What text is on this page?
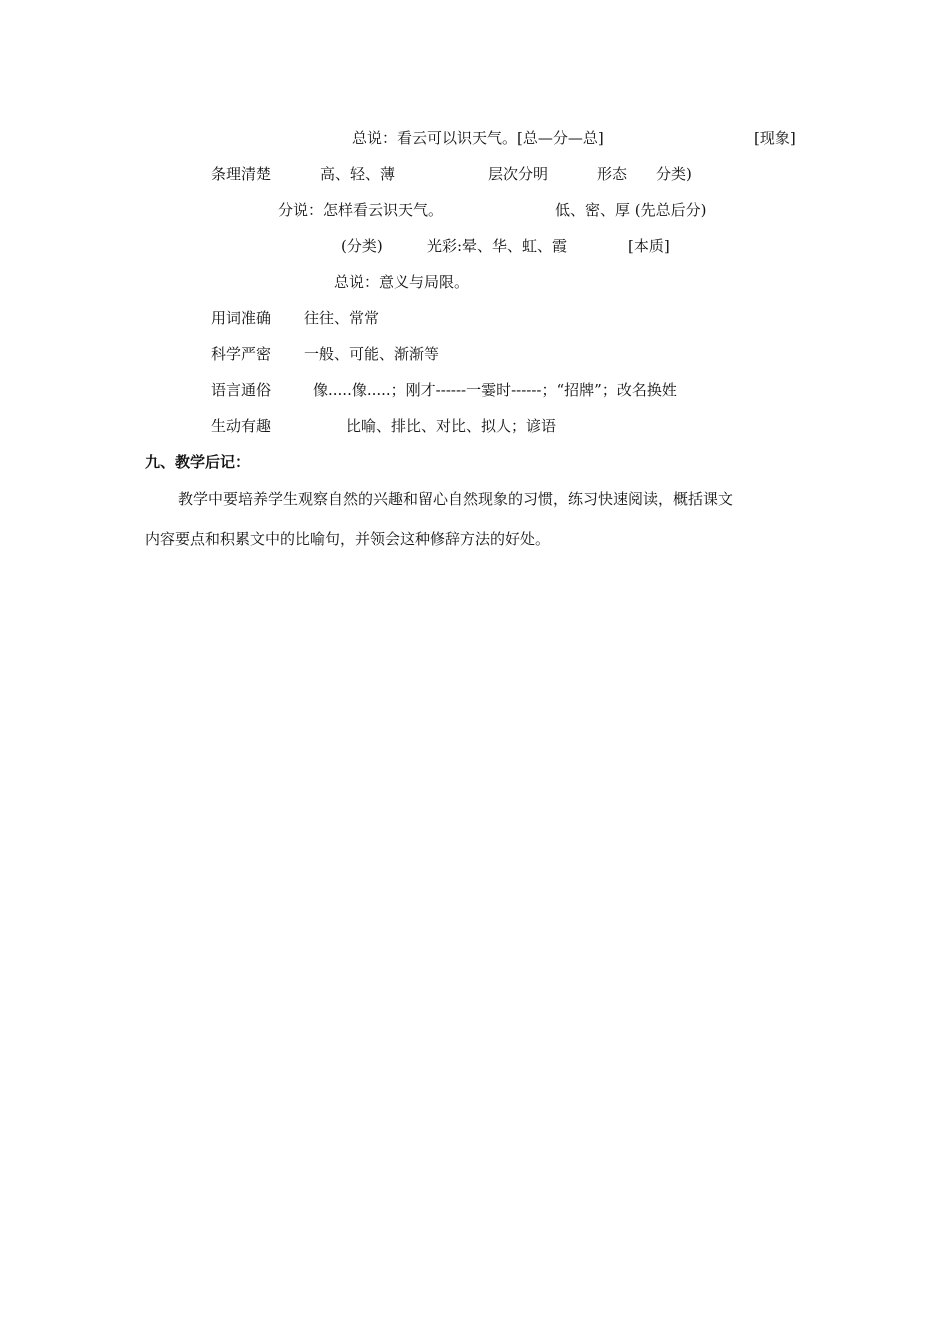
总说：看云可以识天气。[总—分—总]	[现象]
条理清楚	高、轻、薄	层次分明	形态 分类)
分说：怎样看云识天气。	低、密、厚 (先总后分)
(分类)	光彩:晕、华、虹、霞	[本质]
总说：意义与局限。
用词准确 往往、常常
科学严密 一般、可能、渐渐等
语言通俗	像.....像.....；刚才------一霎时------；“招牌”；改名换姓
生动有趣	比喻、排比、对比、拟人；谚语
九、教学后记：
教学中要培养学生观察自然的兴趣和留心自然现象的习惯，练习快速阅读，概括课文
内容要点和积累文中的比喻句，并领会这种修辞方法的好处。
